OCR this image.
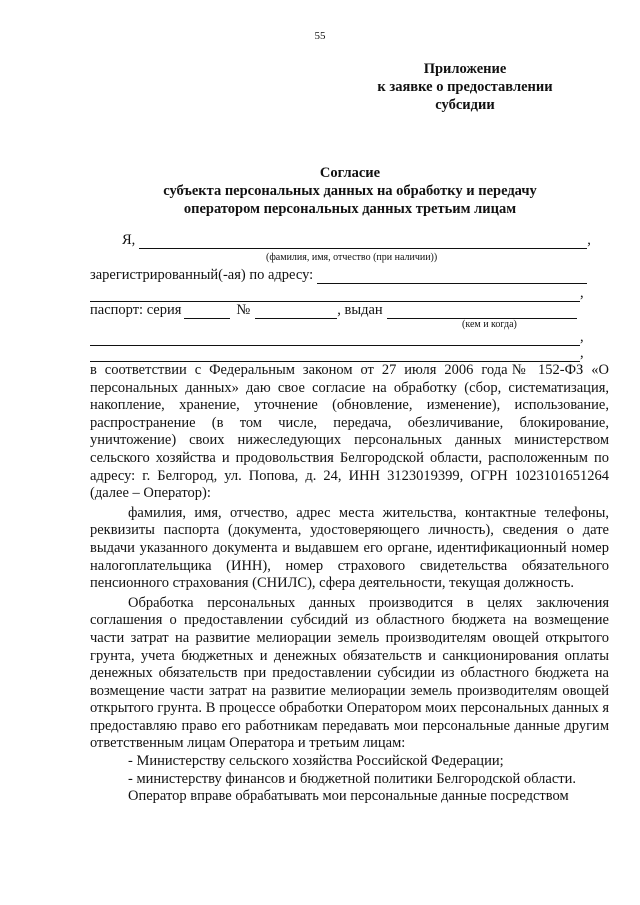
55
Приложение
к заявке о предоставлении
субсидии
Согласие
субъекта персональных данных на обработку и передачу
оператором персональных данных третьим лицам
Я,	,
(фамилия, имя, отчество (при наличии))
зарегистрированный(-ая) по адресу:
,
паспорт: серия	№	, выдан
(кем и когда)
,
,

в соответствии с Федеральным законом от 27 июля 2006 года№ 152-ФЗ «О персональных данных» даю свое согласие на обработку (сбор, систематизация, накопление, хранение, уточнение (обновление, изменение), использование, распространение (в том числе, передача, обезличивание, блокирование, уничтожение) своих нижеследующих персональных данных министерством сельского хозяйства и продовольствия Белгородской области, расположенным по адресу: г. Белгород, ул. Попова, д. 24, ИНН 3123019399, ОГРН 1023101651264 (далее – Оператор):

фамилия, имя, отчество, адрес места жительства, контактные телефоны, реквизиты паспорта (документа, удостоверяющего личность), сведения о дате выдачи указанного документа и выдавшем его органе, идентификационный номер налогоплательщика (ИНН), номер страхового свидетельства обязательного пенсионного страхования (СНИЛС), сфера деятельности, текущая должность.

Обработка персональных данных производится в целях заключения соглашения о предоставлении субсидий из областного бюджета на возмещение части затрат на развитие мелиорации земель производителям овощей открытого грунта, учета бюджетных и денежных обязательств и санкционирования оплаты денежных обязательств при предоставлении субсидии из областного бюджета на возмещение части затрат на развитие мелиорации земель производителям овощей открытого грунта. В процессе обработки Оператором моих персональных данных я предоставляю право его работникам передавать мои персональные данные другим ответственным лицам Оператора и третьим лицам:

- Министерству сельского хозяйства Российской Федерации;

- министерству финансов и бюджетной политики Белгородской области.

Оператор вправе обрабатывать мои персональные данные посредством
